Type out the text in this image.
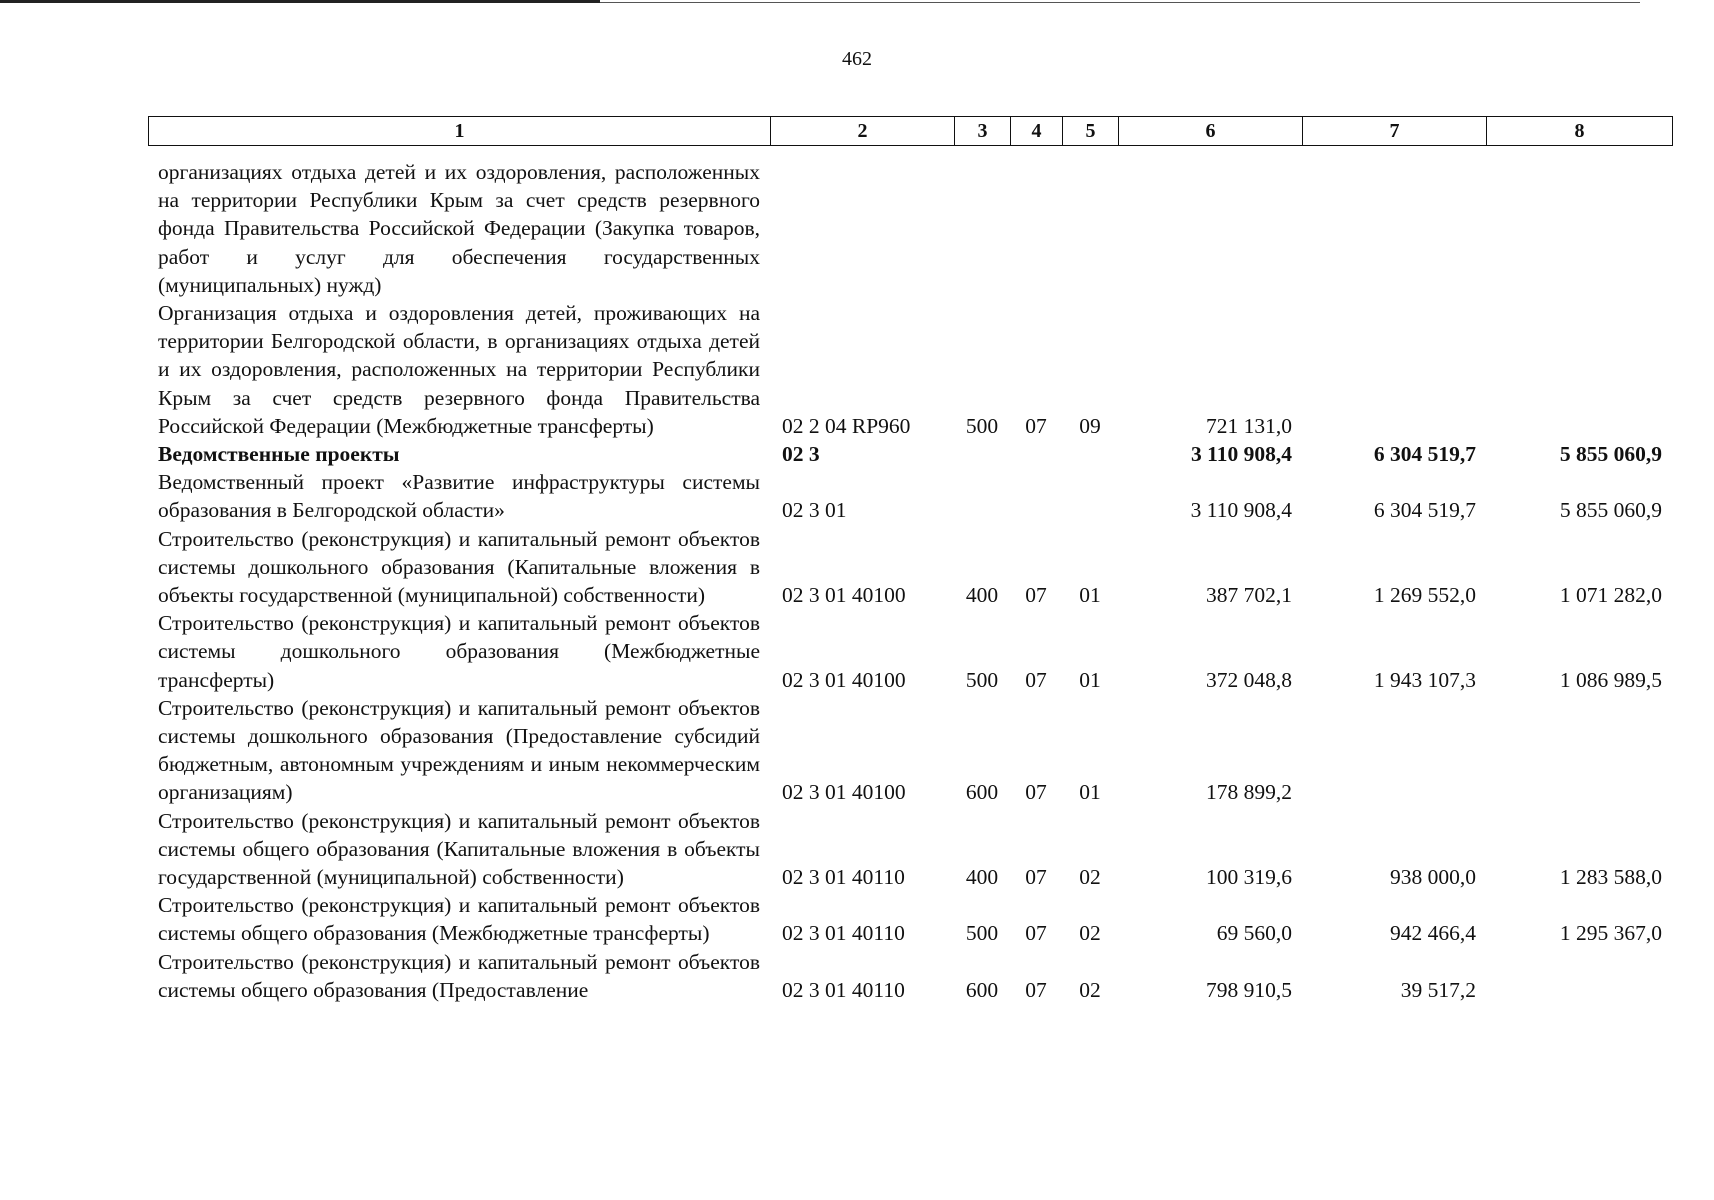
462
1	2	3	4	5	6	7	8
организациях отдыха детей и их оздоровления, расположенных на территории Республики Крым за счет средств резервного фонда Правительства Российской Федерации (Закупка товаров, работ и услуг для обеспечения государственных (муниципальных) нужд)							
Организация отдыха и оздоровления детей, проживающих на территории Белгородской области, в организациях отдыха детей и их оздоровления, расположенных на территории Республики Крым за счет средств резервного фонда Правительства Российской Федерации (Межбюджетные трансферты)	02 2 04 RP960	500	07	09	721 131,0		
Ведомственные проекты	02 3				3 110 908,4	6 304 519,7	5 855 060,9
Ведомственный проект «Развитие инфраструктуры системы образования в Белгородской области»	02 3 01				3 110 908,4	6 304 519,7	5 855 060,9
Строительство (реконструкция) и капитальный ремонт объектов системы дошкольного образования (Капитальные вложения в объекты государственной (муниципальной) собственности)	02 3 01 40100	400	07	01	387 702,1	1 269 552,0	1 071 282,0
Строительство (реконструкция) и капитальный ремонт объектов системы дошкольного образования (Межбюджетные трансферты)	02 3 01 40100	500	07	01	372 048,8	1 943 107,3	1 086 989,5
Строительство (реконструкция) и капитальный ремонт объектов системы дошкольного образования (Предоставление субсидий бюджетным, автономным учреждениям и иным некоммерческим организациям)	02 3 01 40100	600	07	01	178 899,2		
Строительство (реконструкция) и капитальный ремонт объектов системы общего образования (Капитальные вложения в объекты государственной (муниципальной) собственности)	02 3 01 40110	400	07	02	100 319,6	938 000,0	1 283 588,0
Строительство (реконструкция) и капитальный ремонт объектов системы общего образования (Межбюджетные трансферты)	02 3 01 40110	500	07	02	69 560,0	942 466,4	1 295 367,0
Строительство (реконструкция) и капитальный ремонт объектов системы общего образования (Предоставление	02 3 01 40110	600	07	02	798 910,5	39 517,2	
